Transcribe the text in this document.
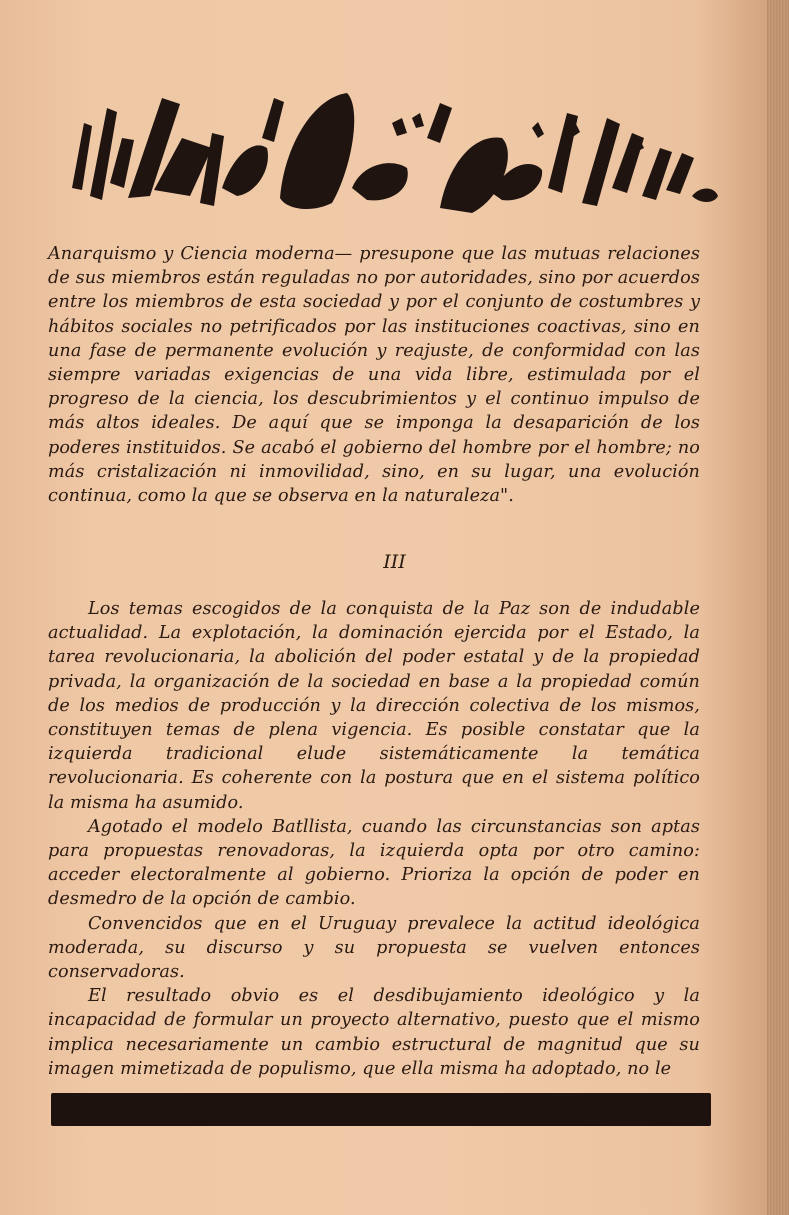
Anarquismo y Ciencia moderna— presupone que las mutuas relaciones de sus miembros están reguladas no por autoridades, sino por acuerdos entre los miembros de esta sociedad y por el conjunto de costumbres y hábitos sociales no petrificados por las instituciones coactivas, sino en una fase de permanente evolución y reajuste, de conformidad con las siempre variadas exigencias de una vida libre, estimulada por el progreso de la ciencia, los descubrimientos y el continuo impulso de más altos ideales. De aquí que se imponga la desaparición de los poderes instituidos. Se acabó el gobierno del hombre por el hombre; no más cristalización ni inmovilidad, sino, en su lugar, una evolución continua, como la que se observa en la naturaleza".

III

Los temas escogidos de la conquista de la Paz son de indudable actualidad. La explotación, la dominación ejercida por el Estado, la tarea revolucionaria, la abolición del poder estatal y de la propiedad privada, la organización de la sociedad en base a la propiedad común de los medios de producción y la dirección colectiva de los mismos, constituyen temas de plena vigencia. Es posible constatar que la izquierda tradicional elude sistemáticamente la temática revolucionaria. Es coherente con la postura que en el sistema político la misma ha asumido.

Agotado el modelo Batllista, cuando las circunstancias son aptas para propuestas renovadoras, la izquierda opta por otro camino: acceder electoralmente al gobierno. Prioriza la opción de poder en desmedro de la opción de cambio.

Convencidos que en el Uruguay prevalece la actitud ideológica moderada, su discurso y su propuesta se vuelven entonces conservadoras.

El resultado obvio es el desdibujamiento ideológico y la incapacidad de formular un proyecto alternativo, puesto que el mismo implica necesariamente un cambio estructural de magnitud que su imagen mimetizada de populismo, que ella misma ha adoptado, no le
